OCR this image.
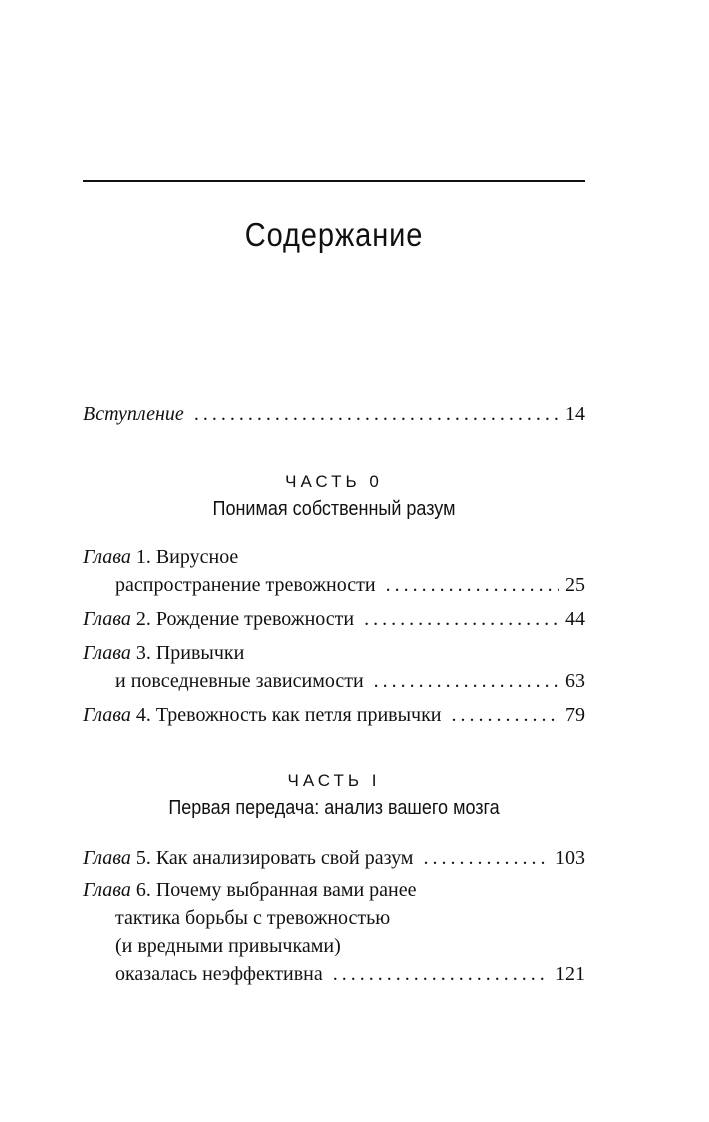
Содержание
Вступление . . .	14
ЧАСТЬ 0
Понимая собственный разум
Глава
1. Вирусное
распространение тревожности . . .	25
Глава
2. Рождение тревожности . . .	44
Глава
3. Привычки
и повседневные зависимости . . .	63
Глава
4. Тревожность как петля привычки . . .	79
ЧАСТЬ I
Первая передача: анализ вашего мозга
Глава
5. Как анализировать свой разум . . .	103
Глава
6. Почему выбранная вами ранее
тактика борьбы с тревожностью
(и вредными привычками)
оказалась неэффективна . . .	121
